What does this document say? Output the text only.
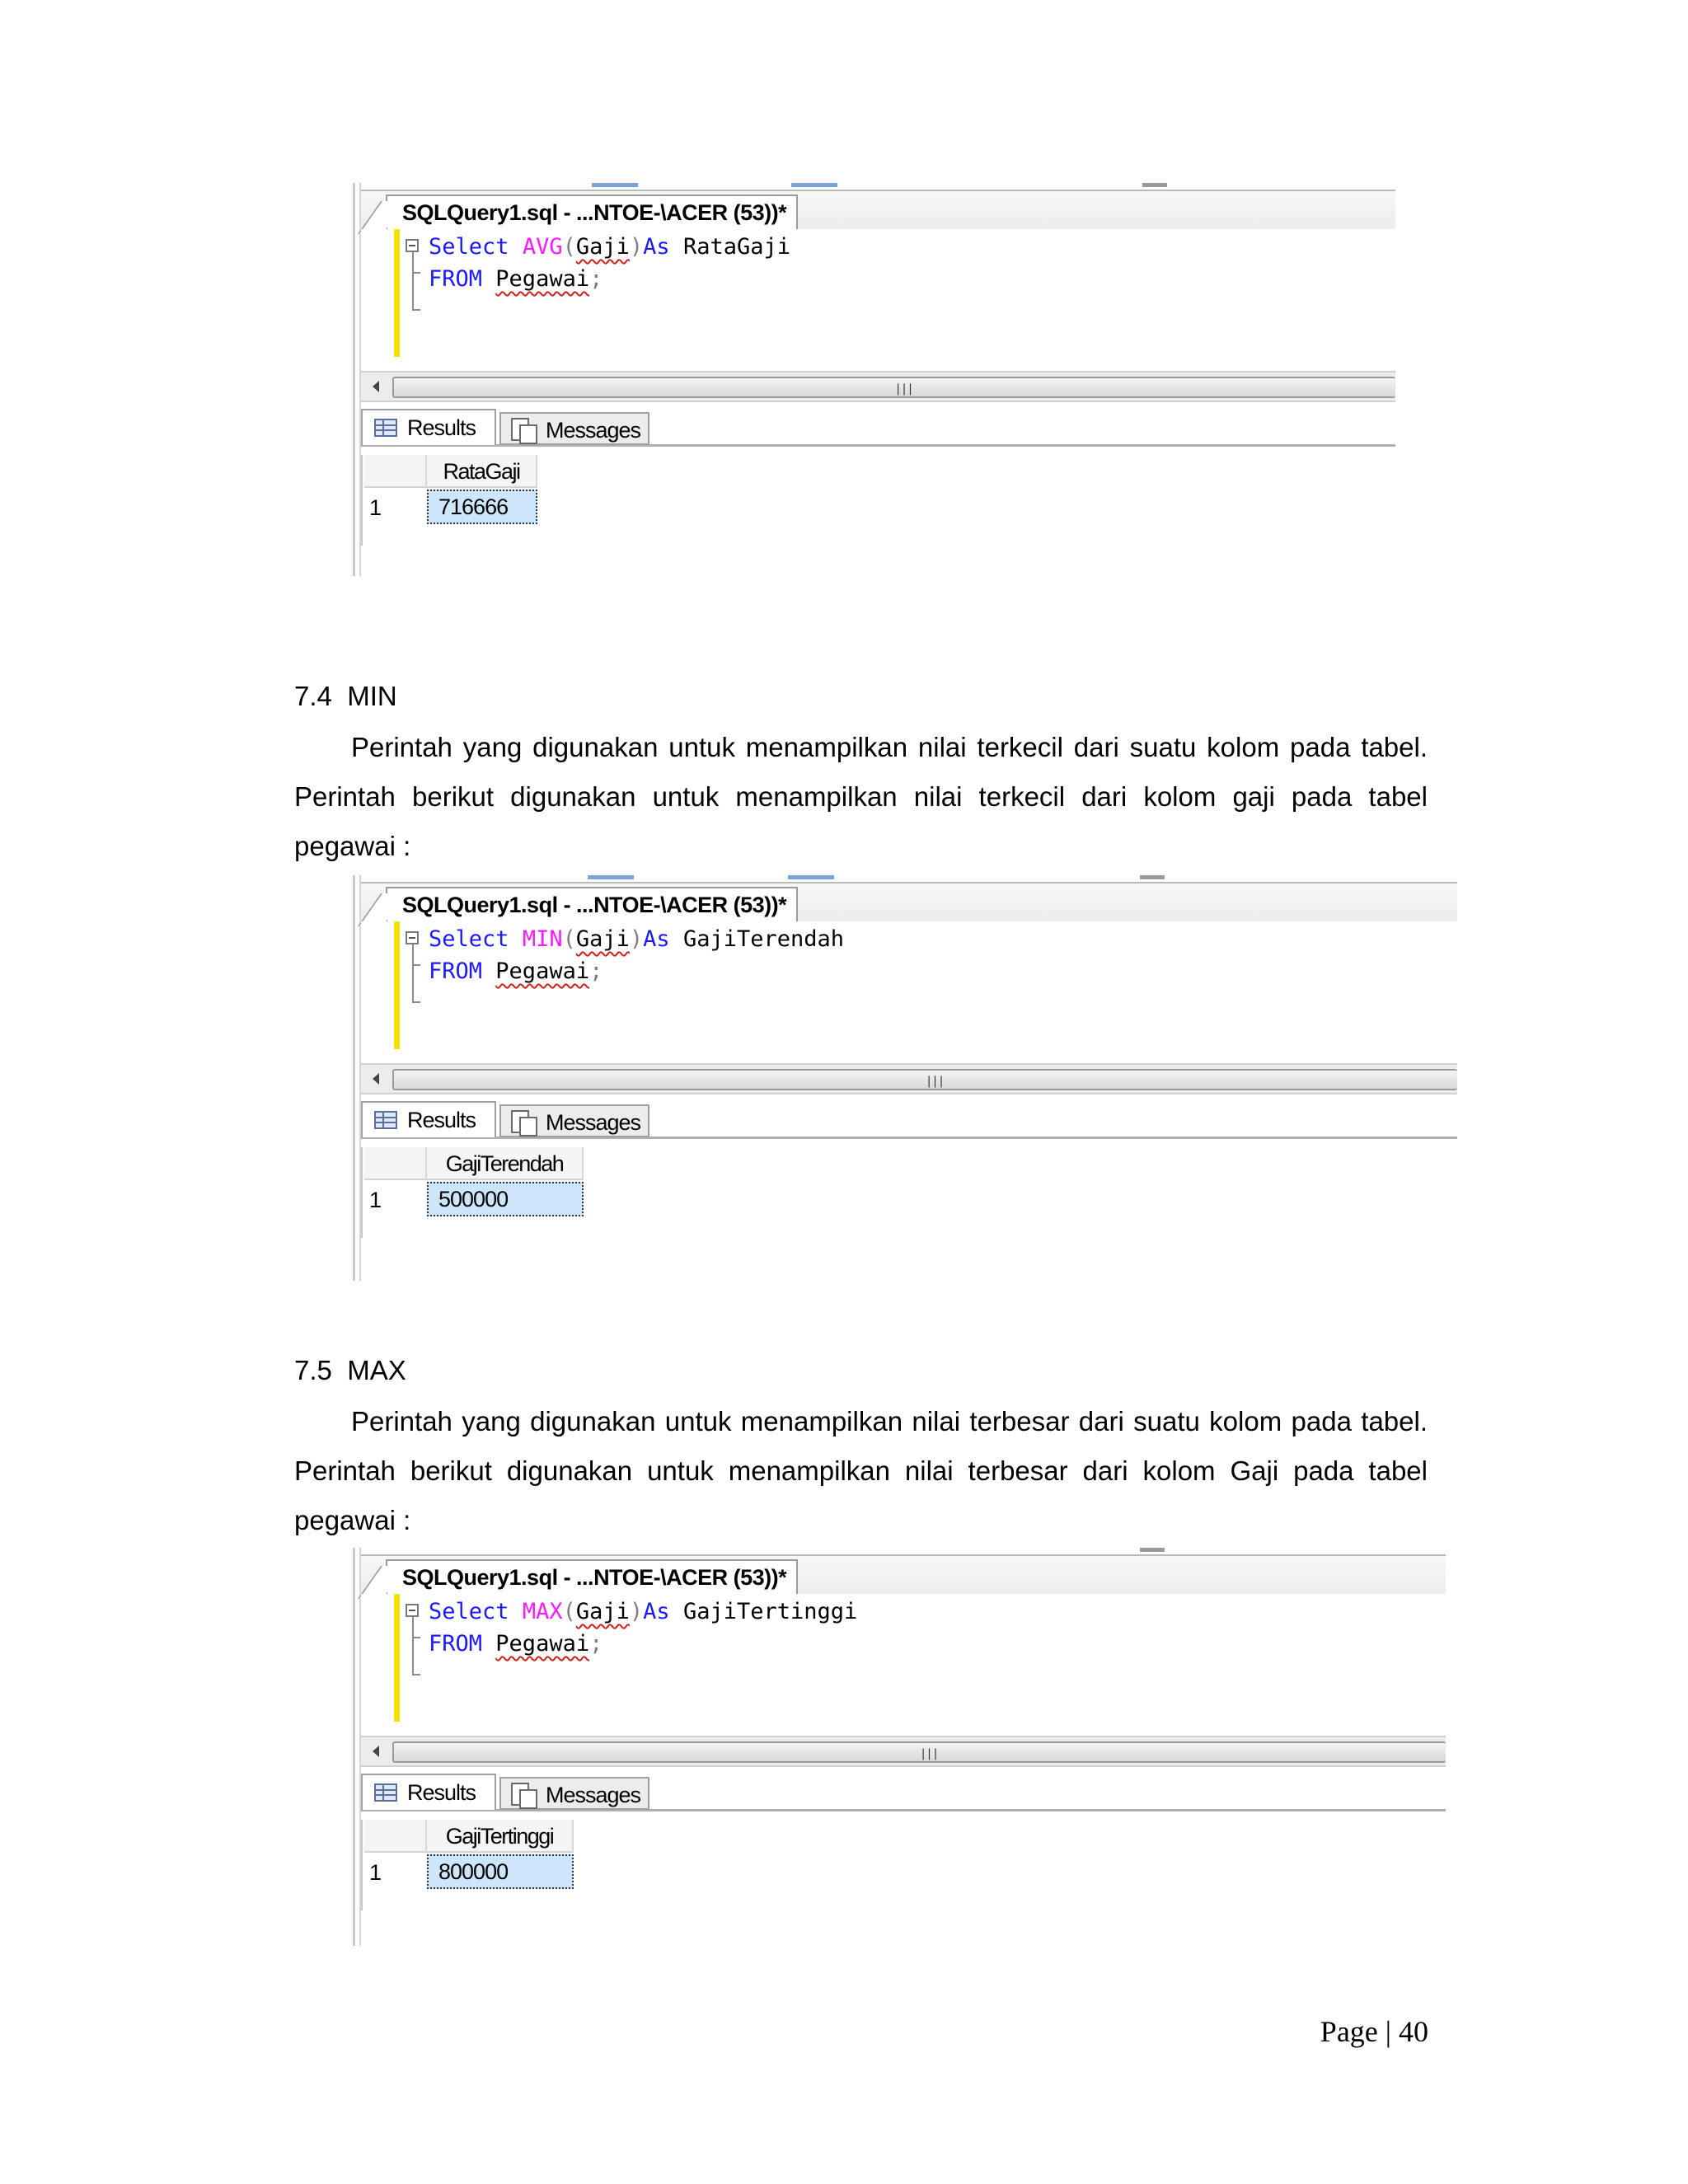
SQLQuery1.sql - ...NTOE-\ACER (53))*
Select AVG(Gaji)As RataGaji
FROM Pegawai;
∣∣∣
Results	Messages
RataGaji
1	716666
7.4 MIN
Perintah yang digunakan untuk menampilkan nilai terkecil dari suatu kolom pada tabel. Perintah berikut digunakan untuk menampilkan nilai terkecil dari kolom gaji pada tabel pegawai :
SQLQuery1.sql - ...NTOE-\ACER (53))*
Select MIN(Gaji)As GajiTerendah
FROM Pegawai;
∣∣∣
Results	Messages
GajiTerendah
1	500000
7.5 MAX
Perintah yang digunakan untuk menampilkan nilai terbesar dari suatu kolom pada tabel. Perintah berikut digunakan untuk menampilkan nilai terbesar dari kolom Gaji pada tabel pegawai :
SQLQuery1.sql - ...NTOE-\ACER (53))*
Select MAX(Gaji)As GajiTertinggi
FROM Pegawai;
∣∣∣
Results	Messages
GajiTertinggi
1	800000
Page | 40
